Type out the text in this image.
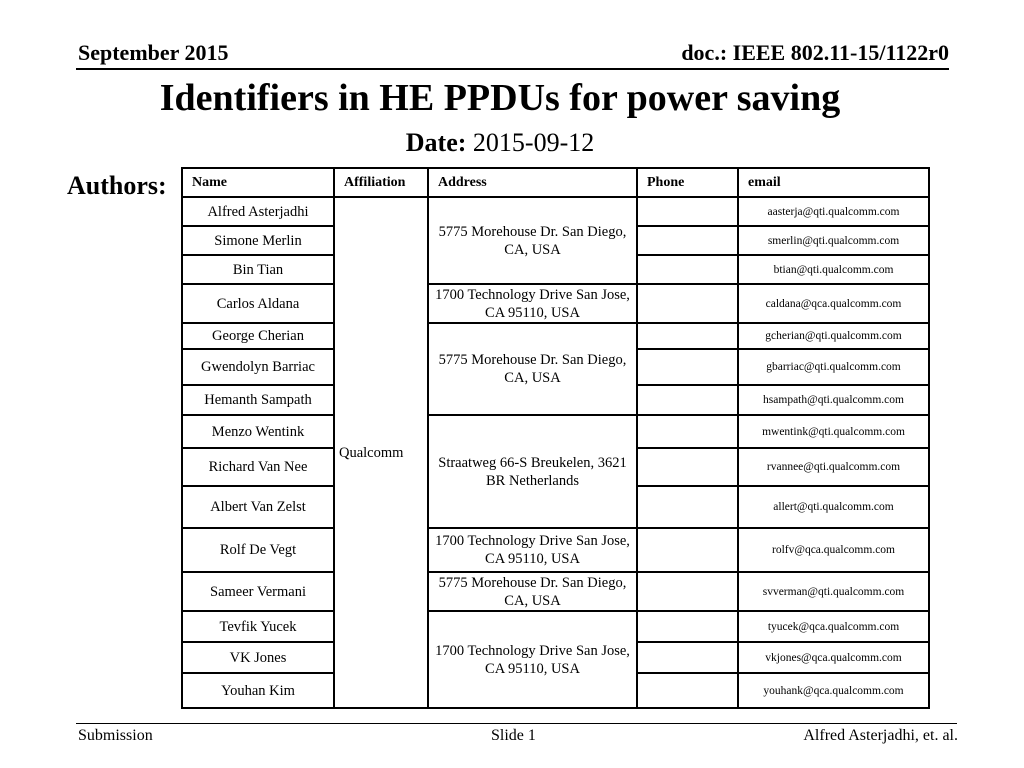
September 2015	doc.: IEEE 802.11-15/1122r0
Identifiers in HE PPDUs for power saving
Date: 2015-09-12
Authors: Name	Affiliation	Address	Phone	email
Alfred Asterjadhi	Qualcomm	5775 Morehouse Dr. San Diego, CA, USA		aasterja@qti.qualcomm.com
Simone Merlin				smerlin@qti.qualcomm.com
Bin Tian				btian@qti.qualcomm.com
Carlos Aldana		1700 Technology Drive San Jose, CA 95110, USA		caldana@qca.qualcomm.com
George Cherian		5775 Morehouse Dr. San Diego, CA, USA		gcherian@qti.qualcomm.com
Gwendolyn Barriac				gbarriac@qti.qualcomm.com
Hemanth Sampath				hsampath@qti.qualcomm.com
Menzo Wentink		Straatweg 66-S Breukelen, 3621 BR Netherlands		mwentink@qti.qualcomm.com
Richard Van Nee				rvannee@qti.qualcomm.com
Albert Van Zelst				allert@qti.qualcomm.com
Rolf De Vegt		1700 Technology Drive San Jose, CA 95110, USA		rolfv@qca.qualcomm.com
Sameer Vermani		5775 Morehouse Dr. San Diego, CA, USA		svverman@qti.qualcomm.com
Tevfik Yucek		1700 Technology Drive San Jose, CA 95110, USA		tyucek@qca.qualcomm.com
VK Jones				vkjones@qca.qualcomm.com
Youhan Kim				youhank@qca.qualcomm.com
Submission	Slide 1	Alfred Asterjadhi, et. al.
